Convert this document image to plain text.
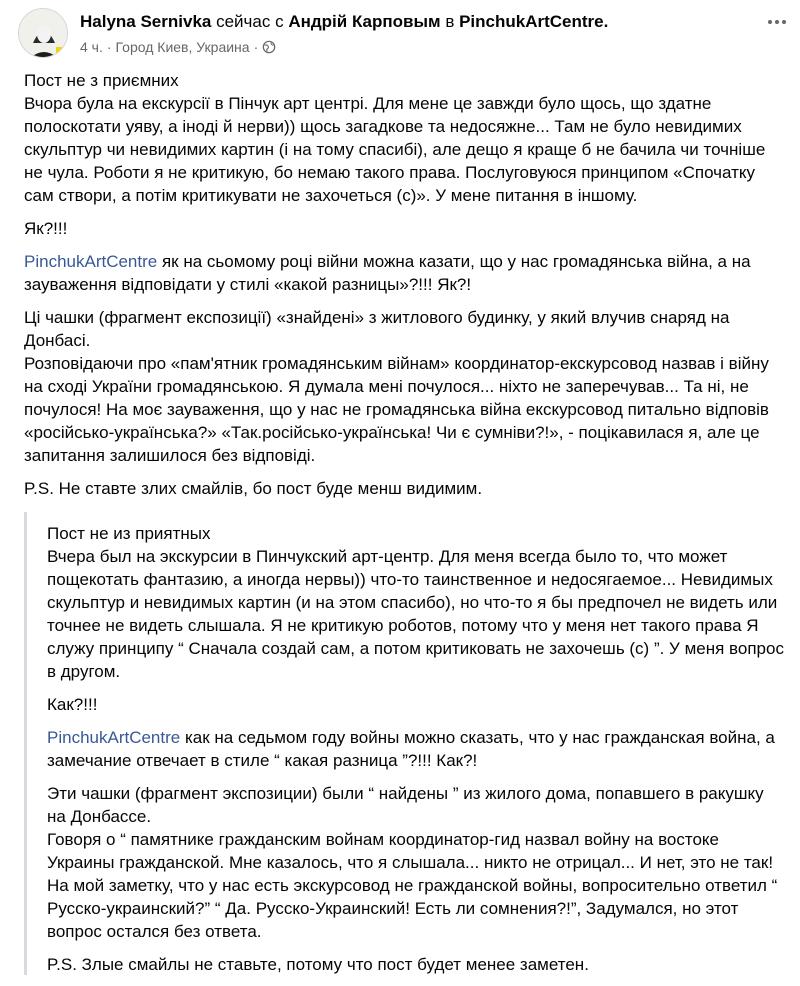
Halyna Sernivka сейчас с Андрій Карповым в PinchukArtCentre.
4 ч. · Город Киев, Украина ·
Пост не з приємних
Вчора була на екскурсії в Пінчук арт центрі. Для мене це завжди було щось, що здатне полоскотати уяву, а іноді й нерви)) щось загадкове та недосяжне... Там не було невидимих скульптур чи невидимих картин (і на тому спасибі), але дещо я краще б не бачила чи точніше не чула. Роботи я не критикую, бо немаю такого права. Послуговуюся принципом «Спочатку сам створи, а потім критикувати не захочеться (с)». У мене питання в іншому.
Як?!!!
PinchukArtCentre як на сьомому році війни можна казати, що у нас громадянська війна, а на зауваження відповідати у стилі «какой разницы»?!!! Як?!
Ці чашки (фрагмент експозиції) «знайдені» з житлового будинку, у який влучив снаряд на Донбасі.
Розповідаючи про «пам'ятник громадянським війнам» координатор-екскурсовод назвав і війну на сході України громадянською. Я думала мені почулося... ніхто не заперечував... Та ні, не почулося! На моє зауваження, що у нас не громадянська війна екскурсовод питально відповів «російсько-українська?» «Так.російсько-українська! Чи є сумніви?!», - поцікавилася я, але це запитання залишилося без відповіді.
P.S. Не ставте злих смайлів, бо пост буде менш видимим.
Пост не из приятных
Вчера был на экскурсии в Пинчукский арт-центр. Для меня всегда было то, что может пощекотать фантазию, а иногда нервы)) что-то таинственное и недосягаемое... Невидимых скульптур и невидимых картин (и на этом спасибо), но что-то я бы предпочел не видеть или точнее не видеть слышала. Я не критикую роботов, потому что у меня нет такого права Я служу принципу “ Сначала создай сам, а потом критиковать не захочешь (с) ”. У меня вопрос в другом.
Как?!!!
PinchukArtCentre как на седьмом году войны можно сказать, что у нас гражданская война, а замечание отвечает в стиле “ какая разница ”?!!! Как?!
Эти чашки (фрагмент экспозиции) были “ найдены ” из жилого дома, попавшего в ракушку на Донбассе.
Говоря о “ памятнике гражданским войнам координатор-гид назвал войну на востоке Украины гражданской. Мне казалось, что я слышала... никто не отрицал... И нет, это не так! На мой заметку, что у нас есть экскурсовод не гражданской войны, вопросительно ответил “ Русско-украинский?” “ Да. Русско-Украинский! Есть ли сомнения?!”, Задумался, но этот вопрос остался без ответа.
P.S. Злые смайлы не ставьте, потому что пост будет менее заметен.
